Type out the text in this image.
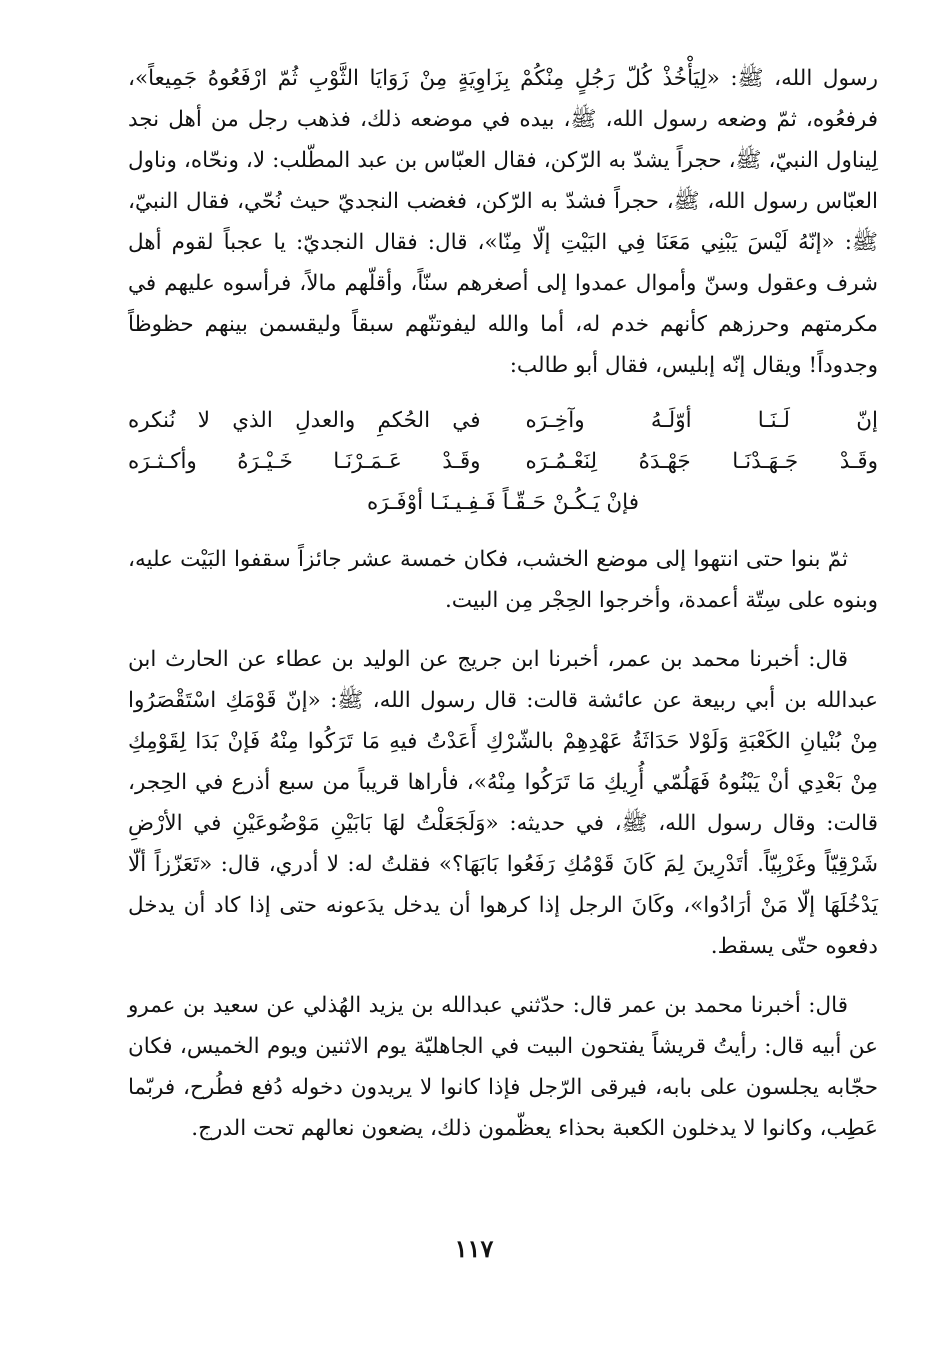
رسول الله، ﷺ: «لِيَأْخُذْ كُلّ رَجُلٍ مِنْكُمْ بِزَاوِيَةٍ مِنْ زَوَايَا الثَّوْبِ ثُمّ ارْفَعُوهُ جَمِيعاً»، فرفعُوه، ثمّ وضعه رسول الله، ﷺ، بيده في موضعه ذلك، فذهب رجل من أهل نجد لِيناول النبيّ، ﷺ، حجراً يشدّ به الرّكن، فقال العبّاس بن عبد المطّلب: لا، ونحّاه، وناول العبّاس رسول الله، ﷺ، حجراً فشدّ به الرّكن، فغضب النجديّ حيث نُحّي، فقال النبيّ، ﷺ: «إنّهُ لَيْسَ يَبْنِي مَعَنَا فِي البَيْتِ إلّا مِنّا»، قال: فقال النجديّ: يا عجباً لقوم أهل شرف وعقول وسنّ وأموال عمدوا إلى أصغرهم سنّاً، وأقلّهم مالاً، فرأسوه عليهم في مكرمتهم وحرزهم كأنهم خدم له، أما والله ليفوتنّهم سبقاً وليقسمن بينهم حظوظاً وجدوداً! ويقال إنّه إبليس، فقال أبو طالب:

إنّ لَـنَـا أوّلَـهُ وآخِـرَه
في الحُكمِ والعدلِ الذي لا نُنكره
وقَـدْ جَـهَـدْنَـا جَهْـدَهُ لِنَعْـمُـرَه
وقَـدْ عَـمَـرْنَـا خَـيْـرَهُ وأكـثـرَه
فإنْ يَـكُـنْ حَـقّـاً فَـفِـيـنَـا أوْفَـرَه

ثمّ بنوا حتى انتهوا إلى موضع الخشب، فكان خمسة عشر جائزاً سقفوا البَيْت عليه، وبنوه على سِتّة أعمدة، وأخرجوا الحِجْر مِن البيت.

قال: أخبرنا محمد بن عمر، أخبرنا ابن جريج عن الوليد بن عطاء عن الحارث ابن عبدالله بن أبي ربيعة عن عائشة قالت: قال رسول الله، ﷺ: «إنّ قَوْمَكِ اسْتَقْصَرُوا مِنْ بُنْيانِ الكَعْبَةِ وَلَوْلا حَدَاثَةُ عَهْدِهِمْ بالشّرْكِ أَعَدْتُ فيهِ مَا تَرَكُوا مِنْهُ فَإنْ بَدَا لِقَوْمِكِ مِنْ بَعْدِي أنْ يَبْنُوهُ فَهَلُمّي أُرِيكِ مَا تَرَكُوا مِنْهُ»، فأراها قريباً من سبع أذرع في الحِجر، قالت: وقال رسول الله، ﷺ، في حديثه: «وَلَجَعَلْتُ لهَا بَابَيْنِ مَوْضُوعَيْنِ في الأرْضِ شَرْقِيّاً وغَرْبِيّاً. أتَدْرِينَ لِمَ كَانَ قَوْمُكِ رَفَعُوا بَابَهَا؟» فقلتُ له: لا أدري، قال: «تَعَزّزاً ألّا يَدْخُلَهَا إلّا مَنْ أرَادُوا»، وكَانَ الرجل إذا كرهوا أن يدخل يدَعونه حتى إذا كاد أن يدخل دفعوه حتّى يسقط.

قال: أخبرنا محمد بن عمر قال: حدّثني عبدالله بن يزيد الهُذلي عن سعيد بن عمرو عن أبيه قال: رأيتُ قريشاً يفتحون البيت في الجاهليّة يوم الاثنين ويوم الخميس، فكان حجّابه يجلسون على بابه، فيرقى الرّجل فإذا كانوا لا يريدون دخوله دُفع فطُرح، فربّما عَطِب، وكانوا لا يدخلون الكعبة بحذاء يعظّمون ذلك، يضعون نعالهم تحت الدرج.

١١٧
